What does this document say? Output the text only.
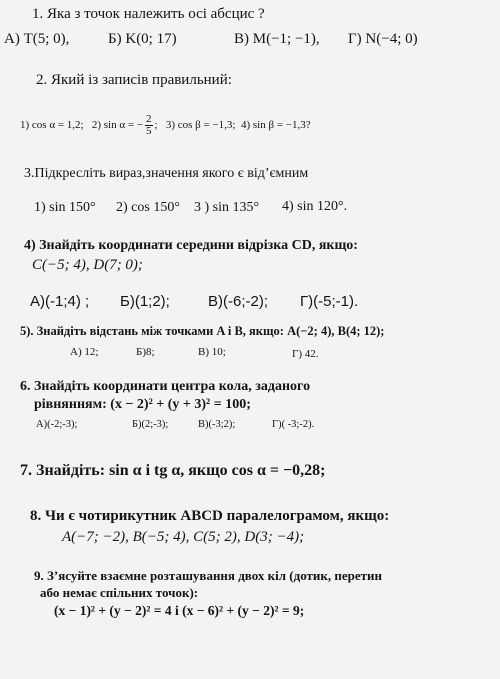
1. Яка з точок належить осі абсцис ?
А) T(5; 0),	Б) K(0; 17)	В) M(−1; −1), Г) N(−4; 0)
2. Який із записів правильний:
1) cos α = 1,2; 2) sin α = − $\frac{2}{5}$ ; 3) cos β = −1,3; 4) sin β = −1,3?
3.Підкресліть вираз,значення якого є від’ємним
1) sin 150° 2) cos 150° 3 ) sin 135° 4) sin 120°.
4) Знайдіть координати середини відрізка CD, якщо:
C(−5; 4), D(7; 0);
А)(-1;4) ; Б)(1;2);	В)(-6;-2); Г)(-5;-1).
5). Знайдіть відстань між точками A і B, якщо: A(−2; 4), B(4; 12);
А) 12;	Б)8;	В) 10;	Г) 42.
6. Знайдіть координати центра кола, заданого
рівнянням: (x − 2)² + (y + 3)² = 100;
А)(-2;-3);	Б)(2;-3);	В)(-3;2);	Г)( -3;-2).
7. Знайдіть: sin α і tg α, якщо cos α = −0,28;
8. Чи є чотирикутник ABCD паралелограмом, якщо:
A(−7; −2), B(−5; 4), C(5; 2), D(3; −4);
9. З’ясуйте взаємне розташування двох кіл (дотик, перетин
або немає спільних точок):
(x − 1)² + (y − 2)² = 4 і (x − 6)² + (y − 2)² = 9;
